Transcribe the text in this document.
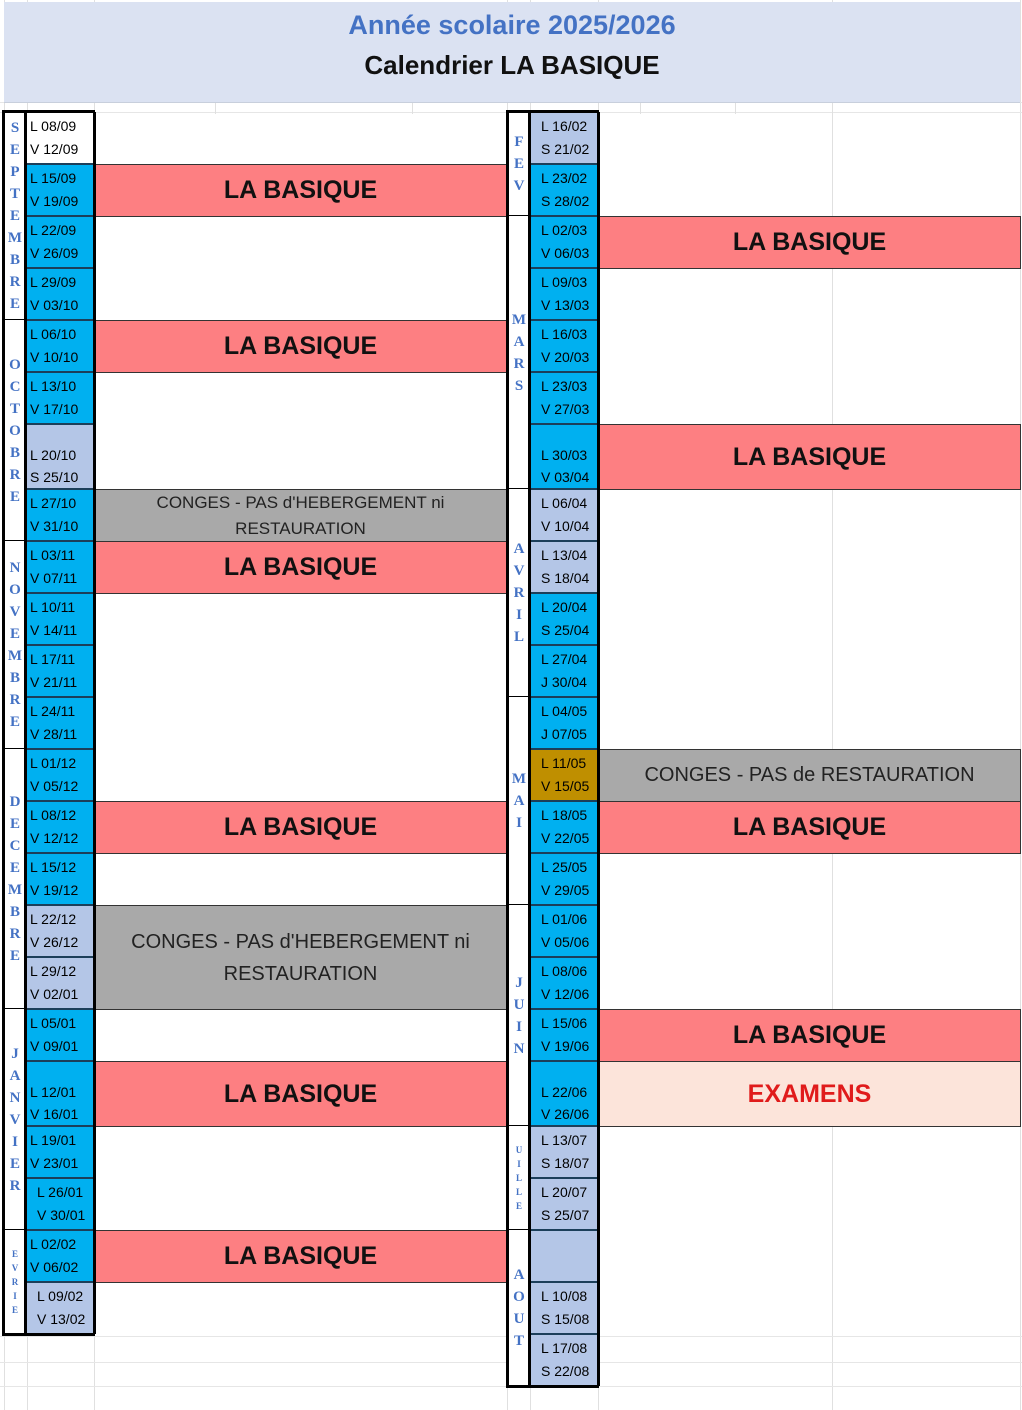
Année scolaire 2025/2026
Calendrier LA BASIQUE
S
E
P
T
E
M
B
R
E
O
C
T
O
B
R
E
N
O
V
E
M
B
R
E
D
E
C
E
M
B
R
E
J
A
N
V
I
E
R
E
V
R
I
E
L 08/09
V 12/09
L 15/09
V 19/09
L 22/09
V 26/09
L 29/09
V 03/10
L 06/10
V 10/10
L 13/10
V 17/10
L 20/10
S 25/10
L 27/10
V 31/10
L 03/11
V 07/11
L 10/11
V 14/11
L 17/11
V 21/11
L 24/11
V 28/11
L 01/12
V 05/12
L 08/12
V 12/12
L 15/12
V 19/12
L 22/12
V 26/12
L 29/12
V 02/01
L 05/01
V 09/01
L 12/01
V 16/01
L 19/01
V 23/01
L 26/01
V 30/01
L 02/02
V 06/02
L 09/02
V 13/02
LA BASIQUE
LA BASIQUE
CONGES - PAS d'HEBERGEMENT ni
RESTAURATION
LA BASIQUE
LA BASIQUE
CONGES - PAS d'HEBERGEMENT ni
RESTAURATION
LA BASIQUE
LA BASIQUE
F
E
V
M
A
R
S
A
V
R
I
L
M
A
I
J
U
I
N
U
I
L
L
E
A
O
U
T
L 16/02
S 21/02
L 23/02
S 28/02
L 02/03
V 06/03
L 09/03
V 13/03
L 16/03
V 20/03
L 23/03
V 27/03
L 30/03
V 03/04
L 06/04
V 10/04
L 13/04
S 18/04
L 20/04
S 25/04
L 27/04
J 30/04
L 04/05
J 07/05
L 11/05
V 15/05
L 18/05
V 22/05
L 25/05
V 29/05
L 01/06
V 05/06
L 08/06
V 12/06
L 15/06
V 19/06
L 22/06
V 26/06
L 13/07
S 18/07
L 20/07
S 25/07
L 10/08
S 15/08
L 17/08
S 22/08
LA BASIQUE
LA BASIQUE
CONGES - PAS de RESTAURATION
LA BASIQUE
LA BASIQUE
EXAMENS
